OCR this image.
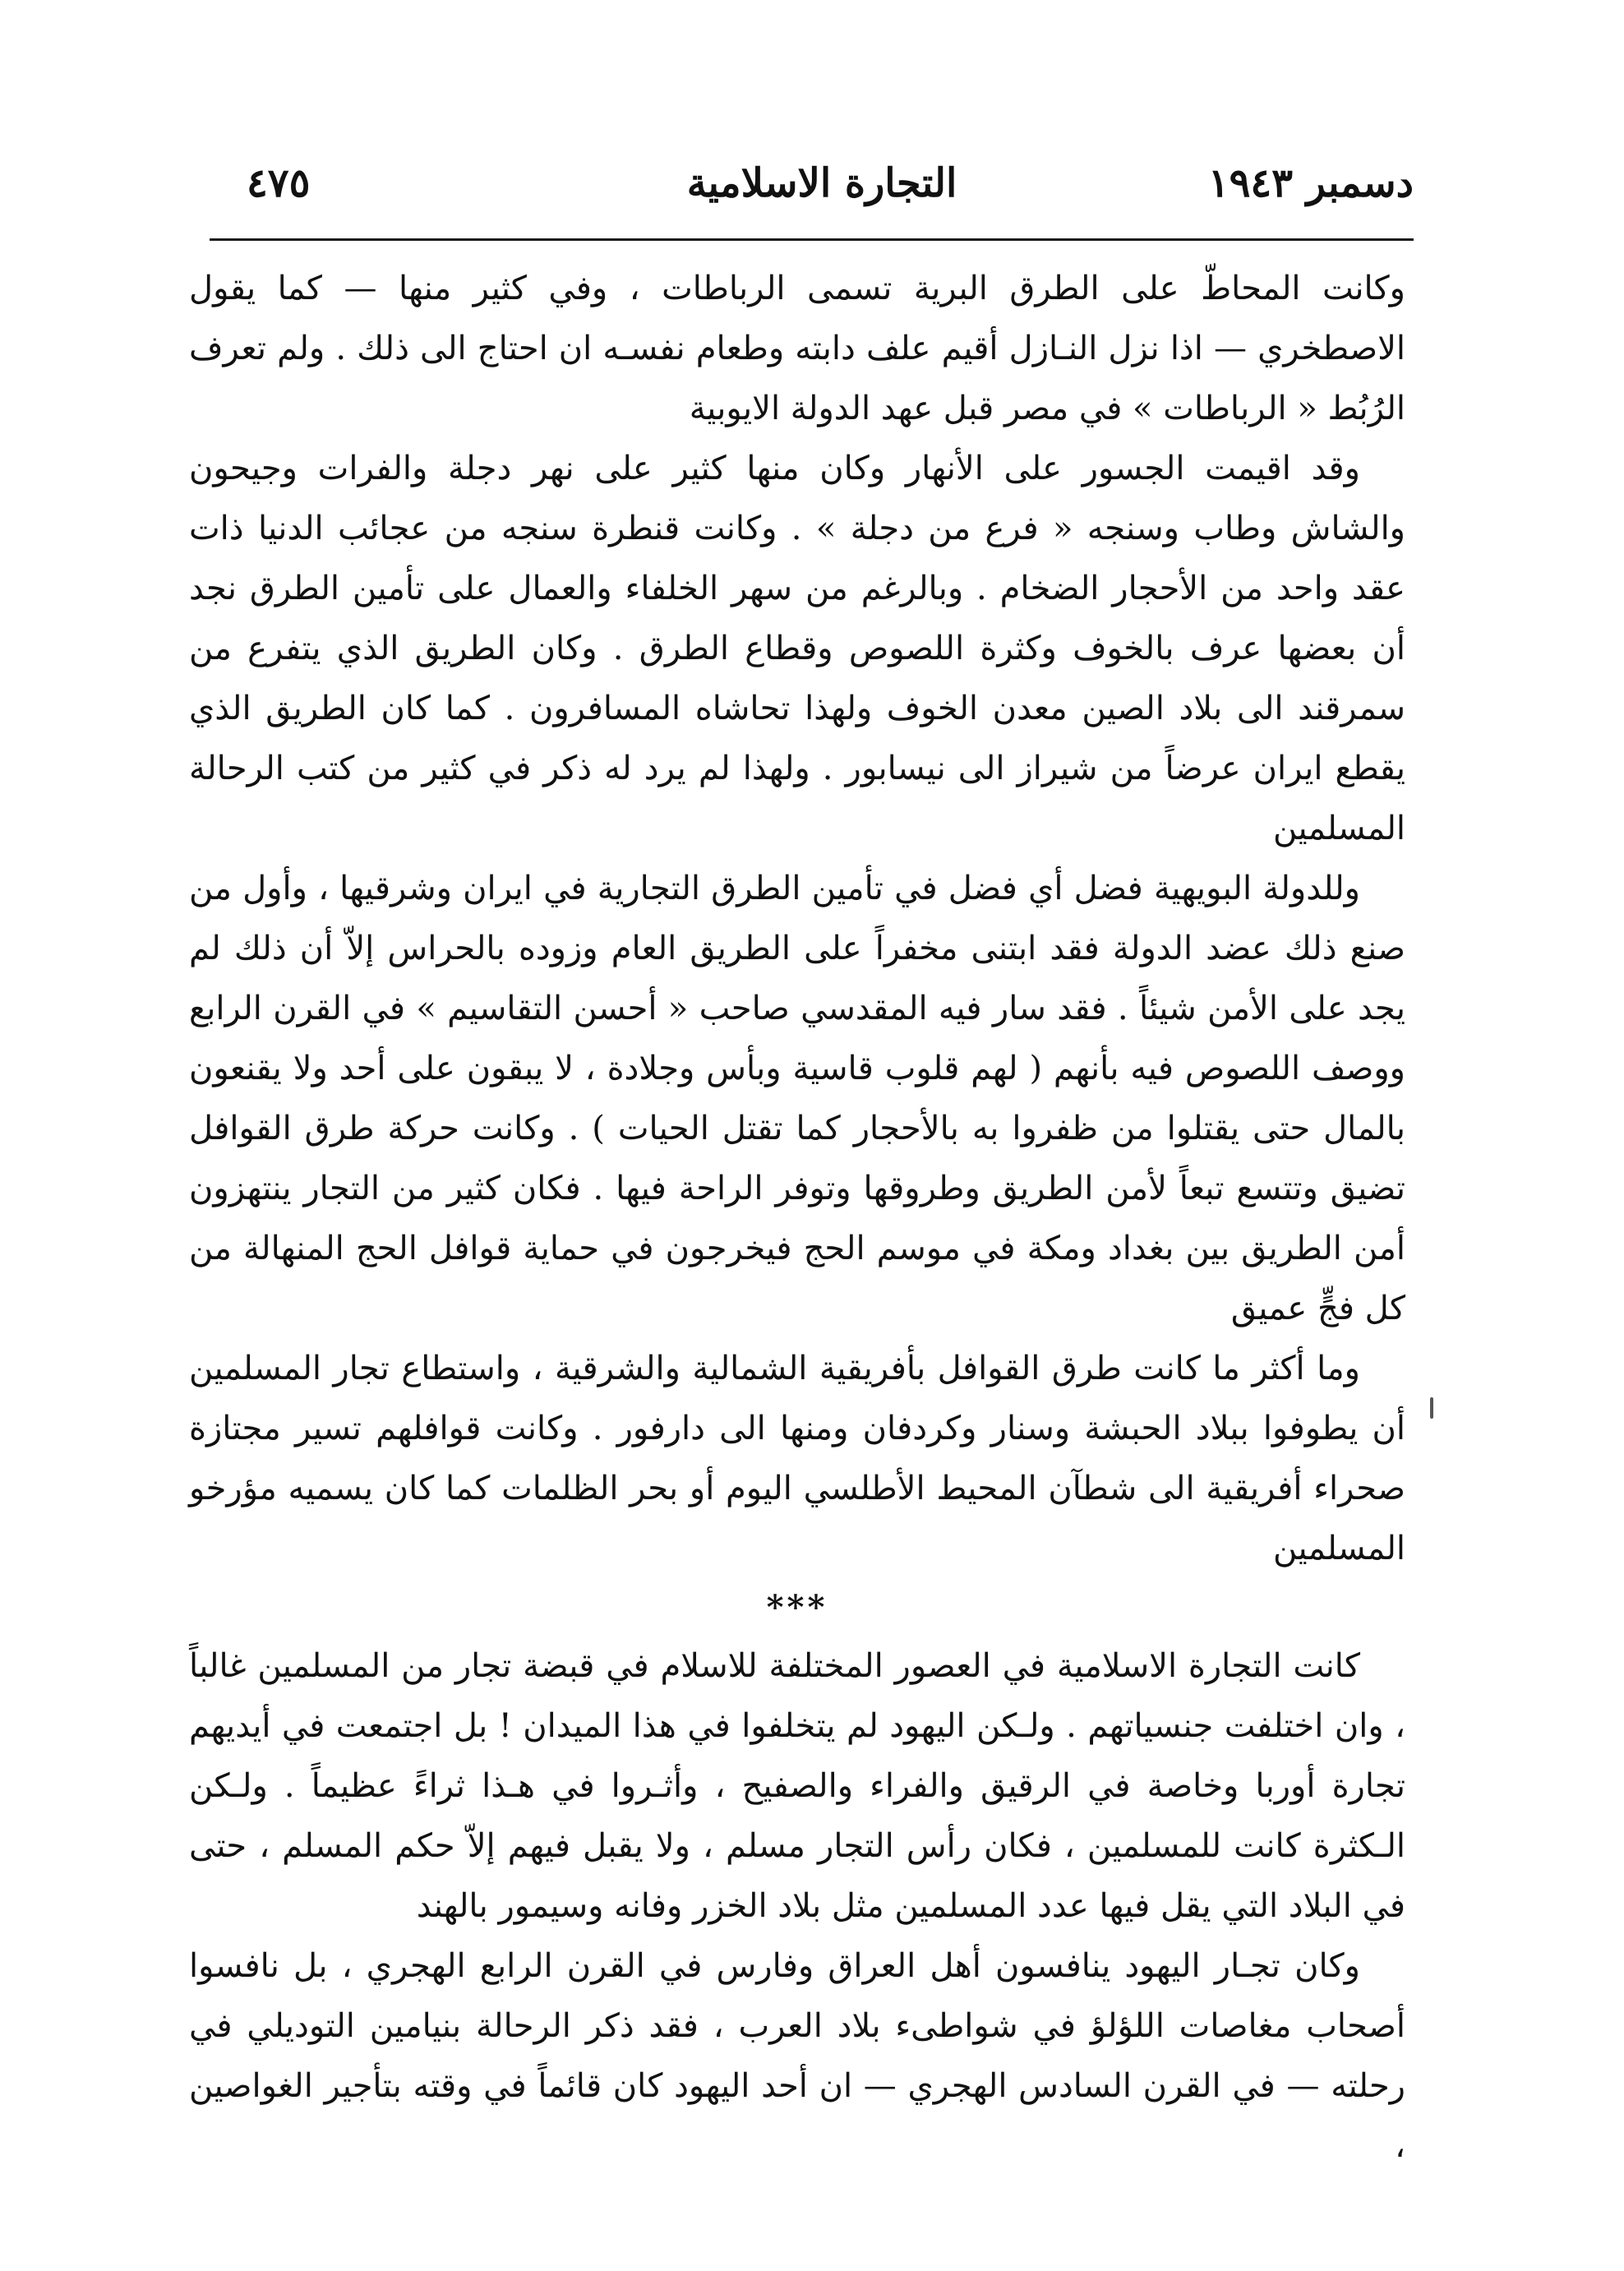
٤٧٥	التجارة الاسلامية	دسمبر ١٩٤٣

وكانت المحاطّ على الطرق البرية تسمى الرباطات ، وفي كثير منها — كما يقول الاصطخري — اذا نزل النـازل أقيم علف دابته وطعام نفسـه ان احتاج الى ذلك . ولم تعرف الرُبُط « الرباطات » في مصر قبل عهد الدولة الايوبية

وقد اقيمت الجسور على الأنهار وكان منها كثير على نهر دجلة والفرات وجيحون والشاش وطاب وسنجه « فرع من دجلة » . وكانت قنطرة سنجه من عجائب الدنيا ذات عقد واحد من الأحجار الضخام . وبالرغم من سهر الخلفاء والعمال على تأمين الطرق نجد أن بعضها عرف بالخوف وكثرة اللصوص وقطاع الطرق . وكان الطريق الذي يتفرع من سمرقند الى بلاد الصين معدن الخوف ولهذا تحاشاه المسافرون . كما كان الطريق الذي يقطع ايران عرضاً من شيراز الى نيسابور . ولهذا لم يرد له ذكر في كثير من كتب الرحالة المسلمين

وللدولة البويهية فضل أي فضل في تأمين الطرق التجارية في ايران وشرقيها ، وأول من صنع ذلك عضد الدولة فقد ابتنى مخفراً على الطريق العام وزوده بالحراس إلاّ أن ذلك لم يجد على الأمن شيئاً . فقد سار فيه المقدسي صاحب « أحسن التقاسيم » في القرن الرابع ووصف اللصوص فيه بأنهم ( لهم قلوب قاسية وبأس وجلادة ، لا يبقون على أحد ولا يقنعون بالمال حتى يقتلوا من ظفروا به بالأحجار كما تقتل الحيات ) . وكانت حركة طرق القوافل تضيق وتتسع تبعاً لأمن الطريق وطروقها وتوفر الراحة فيها . فكان كثير من التجار ينتهزون أمن الطريق بين بغداد ومكة في موسم الحج فيخرجون في حماية قوافل الحج المنهالة من كل فجٍّ عميق

وما أكثر ما كانت طرق القوافل بأفريقية الشمالية والشرقية ، واستطاع تجار المسلمين أن يطوفوا ببلاد الحبشة وسنار وكردفان ومنها الى دارفور . وكانت قوافلهم تسير مجتازة صحراء أفريقية الى شطآن المحيط الأطلسي اليوم أو بحر الظلمات كما كان يسميه مؤرخو المسلمين

***

كانت التجارة الاسلامية في العصور المختلفة للاسلام في قبضة تجار من المسلمين غالباً ، وان اختلفت جنسياتهم . ولـكن اليهود لم يتخلفوا في هذا الميدان ! بل اجتمعت في أيديهم تجارة أوربا وخاصة في الرقيق والفراء والصفيح ، وأثـروا في هـذا ثراءً عظيماً . ولـكن الـكثرة كانت للمسلمين ، فكان رأس التجار مسلم ، ولا يقبل فيهم إلاّ حكم المسلم ، حتى في البلاد التي يقل فيها عدد المسلمين مثل بلاد الخزر وفانه وسيمور بالهند

وكان تجـار اليهود ينافسون أهل العراق وفارس في القرن الرابع الهجري ، بل نافسوا أصحاب مغاصات اللؤلؤ في شواطىء بلاد العرب ، فقد ذكر الرحالة بنيامين التوديلي في رحلته — في القرن السادس الهجري — ان أحد اليهود كان قائماً في وقته بتأجير الغواصين ،
